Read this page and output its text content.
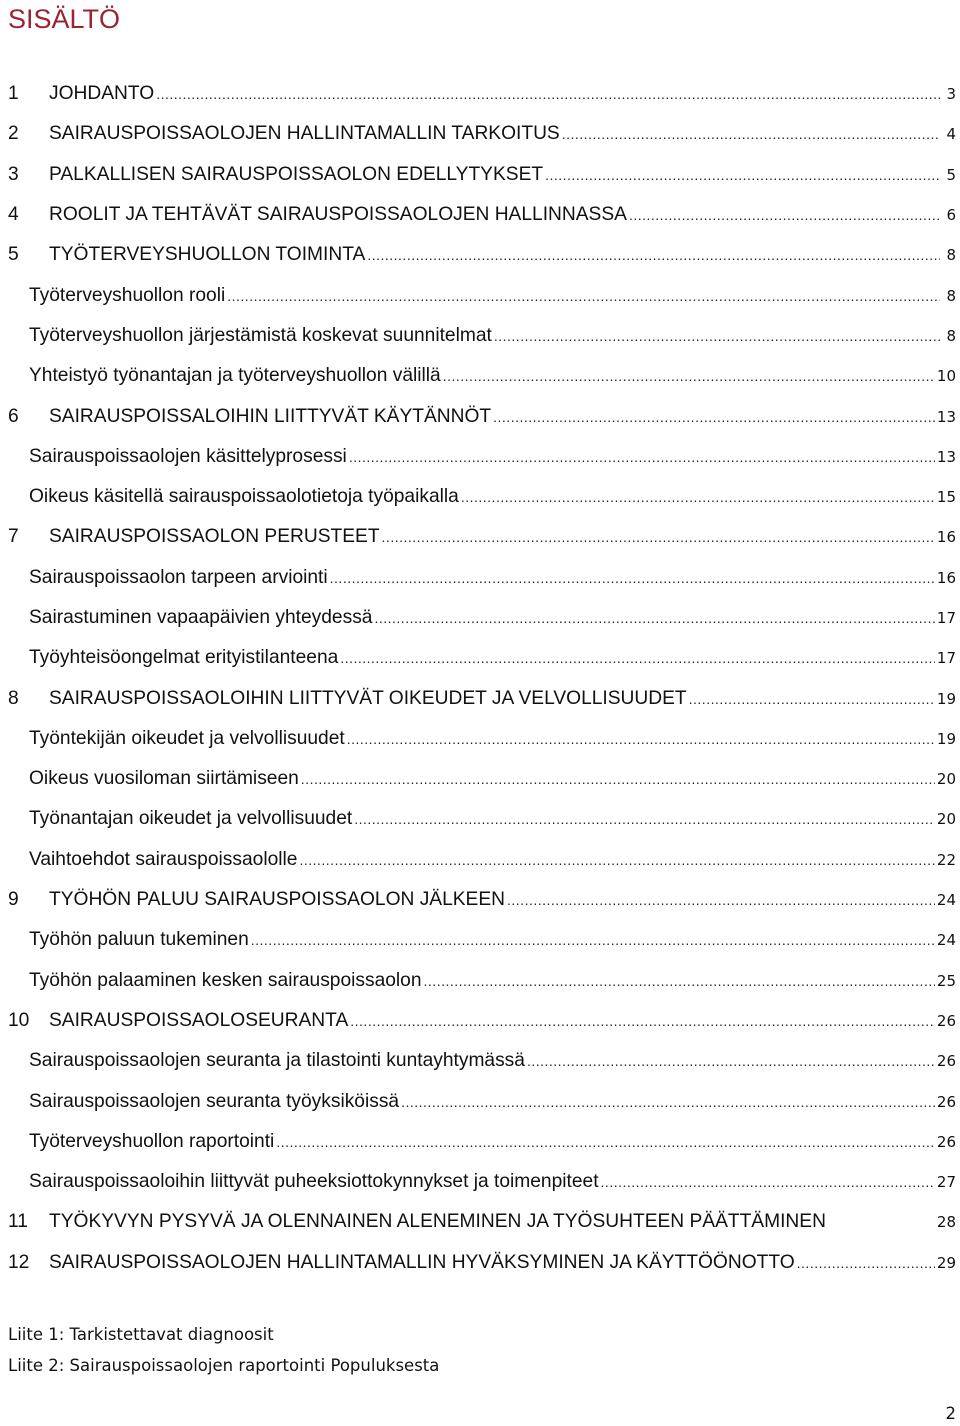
SISÄLTÖ
1 JOHDANTO .....	3
2 SAIRAUSPOISSAOLOJEN HALLINTAMALLIN TARKOITUS .....	4
3 PALKALLISEN SAIRAUSPOISSAOLON EDELLYTYKSET .....	5
4 ROOLIT JA TEHTÄVÄT SAIRAUSPOISSAOLOJEN HALLINNASSA .....	6
5 TYÖTERVEYSHUOLLON TOIMINTA .....	8
Työterveyshuollon rooli .....	8
Työterveyshuollon järjestämistä koskevat suunnitelmat .....	8
Yhteistyö työnantajan ja työterveyshuollon välillä .....	10
6 SAIRAUSPOISSALOIHIN LIITTYVÄT KÄYTÄNNÖT .....	13
Sairauspoissaolojen käsittelyprosessi .....	13
Oikeus käsitellä sairauspoissaolotietoja työpaikalla .....	15
7 SAIRAUSPOISSAOLON PERUSTEET .....	16
Sairauspoissaolon tarpeen arviointi .....	16
Sairastuminen vapaapäivien yhteydessä .....	17
Työyhteisöongelmat erityistilanteena .....	17
8 SAIRAUSPOISSAOLOIHIN LIITTYVÄT OIKEUDET JA VELVOLLISUUDET .....	19
Työntekijän oikeudet ja velvollisuudet .....	19
Oikeus vuosiloman siirtämiseen .....	20
Työnantajan oikeudet ja velvollisuudet .....	20
Vaihtoehdot sairauspoissaololle .....	22
9 TYÖHÖN PALUU SAIRAUSPOISSAOLON JÄLKEEN .....	24
Työhön paluun tukeminen .....	24
Työhön palaaminen kesken sairauspoissaolon .....	25
10 SAIRAUSPOISSAOLOSEURANTA .....	26
Sairauspoissaolojen seuranta ja tilastointi kuntayhtymässä .....	26
Sairauspoissaolojen seuranta työyksiköissä .....	26
Työterveyshuollon raportointi .....	26
Sairauspoissaoloihin liittyvät puheeksiottokynnykset ja toimenpiteet .....	27
11 TYÖKYVYN PYSYVÄ JA OLENNAINEN ALENEMINEN JA TYÖSUHTEEN PÄÄTTÄMINEN	28
12 SAIRAUSPOISSAOLOJEN HALLINTAMALLIN HYVÄKSYMINEN JA KÄYTTÖÖNOTTO .....	29
Liite 1: Tarkistettavat diagnoosit
Liite 2: Sairauspoissaolojen raportointi Populuksesta
2
